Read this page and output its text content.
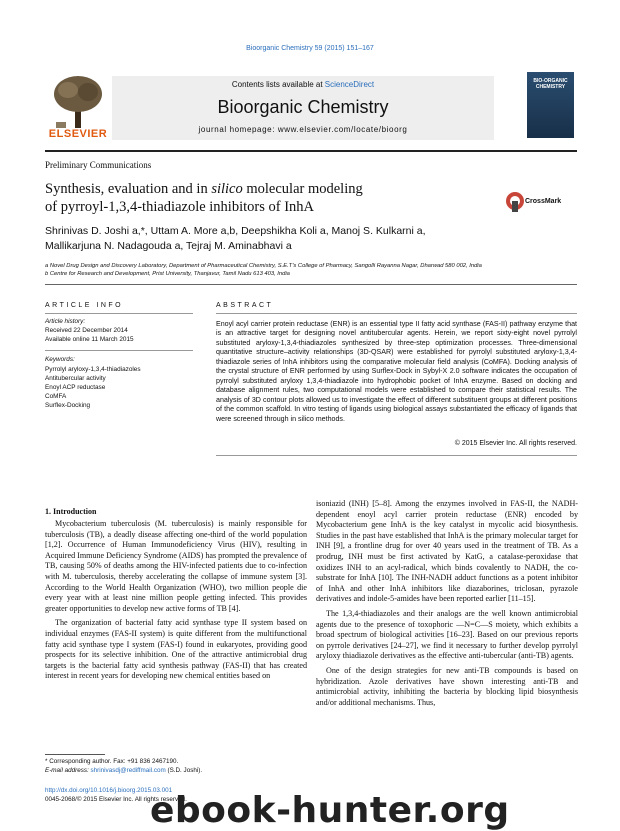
Bioorganic Chemistry 59 (2015) 151–167
ELSEVIER
Contents lists available at ScienceDirect
Bioorganic Chemistry
journal homepage: www.elsevier.com/locate/bioorg
BIO-ORGANIC CHEMISTRY
Preliminary Communications
Synthesis, evaluation and in silico molecular modeling
of pyrroyl-1,3,4-thiadiazole inhibitors of InhA	CrossMark
Shrinivas D. Joshi a,*, Uttam A. More a,b, Deepshikha Koli a, Manoj S. Kulkarni a,
Mallikarjuna N. Nadagouda a, Tejraj M. Aminabhavi a
a Novel Drug Design and Discovery Laboratory, Department of Pharmaceutical Chemistry, S.E.T’s College of Pharmacy, Sangolli Rayanna Nagar, Dharwad 580 002, India
b Centre for Research and Development, Prist University, Thanjavur, Tamil Nadu 613 403, India
ARTICLE INFO
Article history:
Received 22 December 2014
Available online 11 March 2015
Keywords:
Pyrrolyl aryloxy-1,3,4-thiadiazoles
Antitubercular activity
Enoyl ACP reductase
CoMFA
Surflex-Docking
ABSTRACT
Enoyl acyl carrier protein reductase (ENR) is an essential type II fatty acid synthase (FAS-II) pathway enzyme that is an attractive target for designing novel antitubercular agents. Herein, we report sixty-eight novel pyrrolyl substituted aryloxy-1,3,4-thiadiazoles synthesized by three-step optimization processes. Three-dimensional quantitative structure–activity relationships (3D-QSAR) were established for pyrrolyl substituted aryloxy-1,3,4-thiadiazole series of InhA inhibitors using the comparative molecular field analysis (CoMFA). Docking analysis of the crystal structure of ENR performed by using Surflex-Dock in Sybyl-X 2.0 software indicates the occupation of pyrrolyl substituted aryloxy 1,3,4-thiadiazole into hydrophobic pocket of InhA enzyme. Based on docking and database alignment rules, two computational models were established to compare their statistical results. The analysis of 3D contour plots allowed us to investigate the effect of different substituent groups at different positions of the common scaffold. In vitro testing of ligands using biological assays substantiated the efficacy of ligands that were screened through in silico methods.
© 2015 Elsevier Inc. All rights reserved.
1. Introduction

Mycobacterium tuberculosis (M. tuberculosis) is mainly responsible for tuberculosis (TB), a deadly disease affecting one-third of the world population [1,2]. Occurrence of Human Immunodeficiency Virus (HIV), resulting in Acquired Immune Deficiency Syndrome (AIDS) has prompted the prevalence of TB, causing 50% of deaths among the HIV-infected patients due to co-infection with M. tuberculosis, thereby accelerating the collapse of immune system [3]. According to the World Health Organization (WHO), two million people die every year with at least nine million people getting infected. This provides greater opportunities to develop new active forms of TB [4].

The organization of bacterial fatty acid synthase type II system based on individual enzymes (FAS-II system) is quite different from the multifunctional fatty acid synthase type I system (FAS-I) found in eukaryotes, providing good prospects for its selective inhibition. One of the attractive antimicrobial drug targets is the bacterial fatty acid synthesis pathway (FAS-II) that has created interest in recent years for developing new chemical entities based on

isoniazid (INH) [5–8]. Among the enzymes involved in FAS-II, the NADH-dependent enoyl acyl carrier protein reductase (ENR) encoded by Mycobacterium gene InhA is the key catalyst in mycolic acid biosynthesis. Studies in the past have established that InhA is the primary molecular target for INH [9], a frontline drug for over 40 years used in the treatment of TB. As a prodrug, INH must be first activated by KatG, a catalase-peroxidase that oxidizes INH to an acyl-radical, which binds covalently to NADH, the co-substrate for InhA [10]. The INH-NADH adduct functions as a potent inhibitor of InhA and other InhA inhibitors like diazaborines, triclosan, pyrazole derivatives and indole-5-amides have been reported earlier [11–15].

The 1,3,4-thiadiazoles and their analogs are the well known antimicrobial agents due to the presence of toxophoric —N=C—S moiety, which exhibits a broad spectrum of biological activities [16–23]. Based on our previous reports on pyrrole derivatives [24–27], we find it necessary to further develop pyrrolyl aryloxy thiadiazole derivatives as the effective anti-tubercular (anti-TB) agents.

One of the design strategies for new anti-TB compounds is based on hybridization. Azole derivatives have shown interesting anti-TB and antimicrobial activity, inhibiting the bacteria by blocking lipid biosynthesis and/or additional mechanisms. Thus,

* Corresponding author. Fax: +91 836 2467190.
E-mail address: shrinivasdj@rediffmail.com (S.D. Joshi).
http://dx.doi.org/10.1016/j.bioorg.2015.03.001
0045-2068/© 2015 Elsevier Inc. All rights reserved.
ebook-hunter.org
